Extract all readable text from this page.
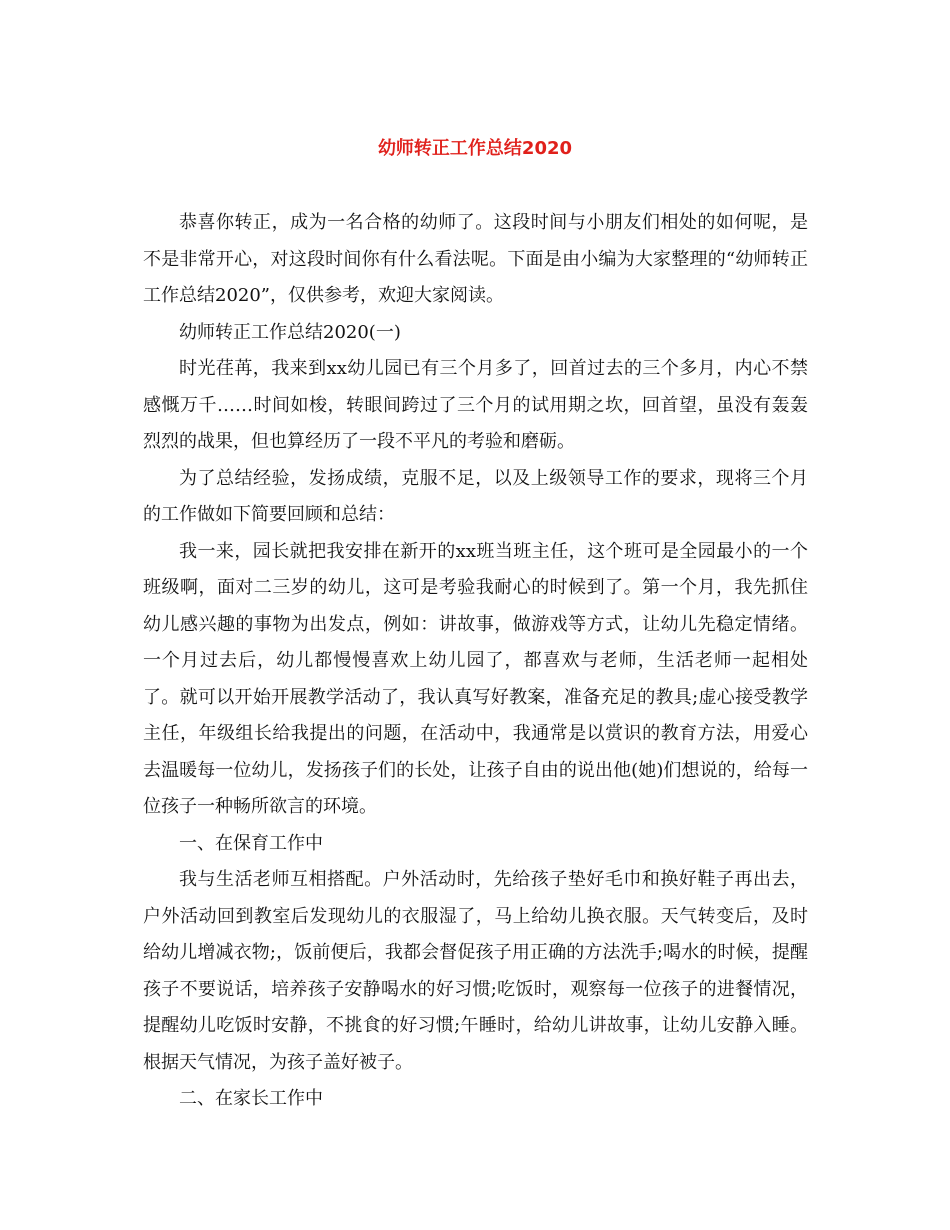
幼师转正工作总结2020

恭喜你转正，成为一名合格的幼师了。这段时间与小朋友们相处的如何呢，是不是非常开心，对这段时间你有什么看法呢。下面是由小编为大家整理的“幼师转正工作总结2020”，仅供参考，欢迎大家阅读。

幼师转正工作总结2020(一)

时光荏苒，我来到xx幼儿园已有三个月多了，回首过去的三个多月，内心不禁感慨万千……时间如梭，转眼间跨过了三个月的试用期之坎，回首望，虽没有轰轰烈烈的战果，但也算经历了一段不平凡的考验和磨砺。

为了总结经验，发扬成绩，克服不足，以及上级领导工作的要求，现将三个月的工作做如下简要回顾和总结：

我一来，园长就把我安排在新开的xx班当班主任，这个班可是全园最小的一个班级啊，面对二三岁的幼儿，这可是考验我耐心的时候到了。第一个月，我先抓住幼儿感兴趣的事物为出发点，例如：讲故事，做游戏等方式，让幼儿先稳定情绪。一个月过去后，幼儿都慢慢喜欢上幼儿园了，都喜欢与老师，生活老师一起相处了。就可以开始开展教学活动了，我认真写好教案，准备充足的教具;虚心接受教学主任，年级组长给我提出的问题，在活动中，我通常是以赏识的教育方法，用爱心去温暖每一位幼儿，发扬孩子们的长处，让孩子自由的说出他(她)们想说的，给每一位孩子一种畅所欲言的环境。

一、在保育工作中

我与生活老师互相搭配。户外活动时，先给孩子垫好毛巾和换好鞋子再出去，户外活动回到教室后发现幼儿的衣服湿了，马上给幼儿换衣服。天气转变后，及时给幼儿增减衣物;，饭前便后，我都会督促孩子用正确的方法洗手;喝水的时候，提醒孩子不要说话，培养孩子安静喝水的好习惯;吃饭时，观察每一位孩子的进餐情况，提醒幼儿吃饭时安静，不挑食的好习惯;午睡时，给幼儿讲故事，让幼儿安静入睡。根据天气情况，为孩子盖好被子。

二、在家长工作中
